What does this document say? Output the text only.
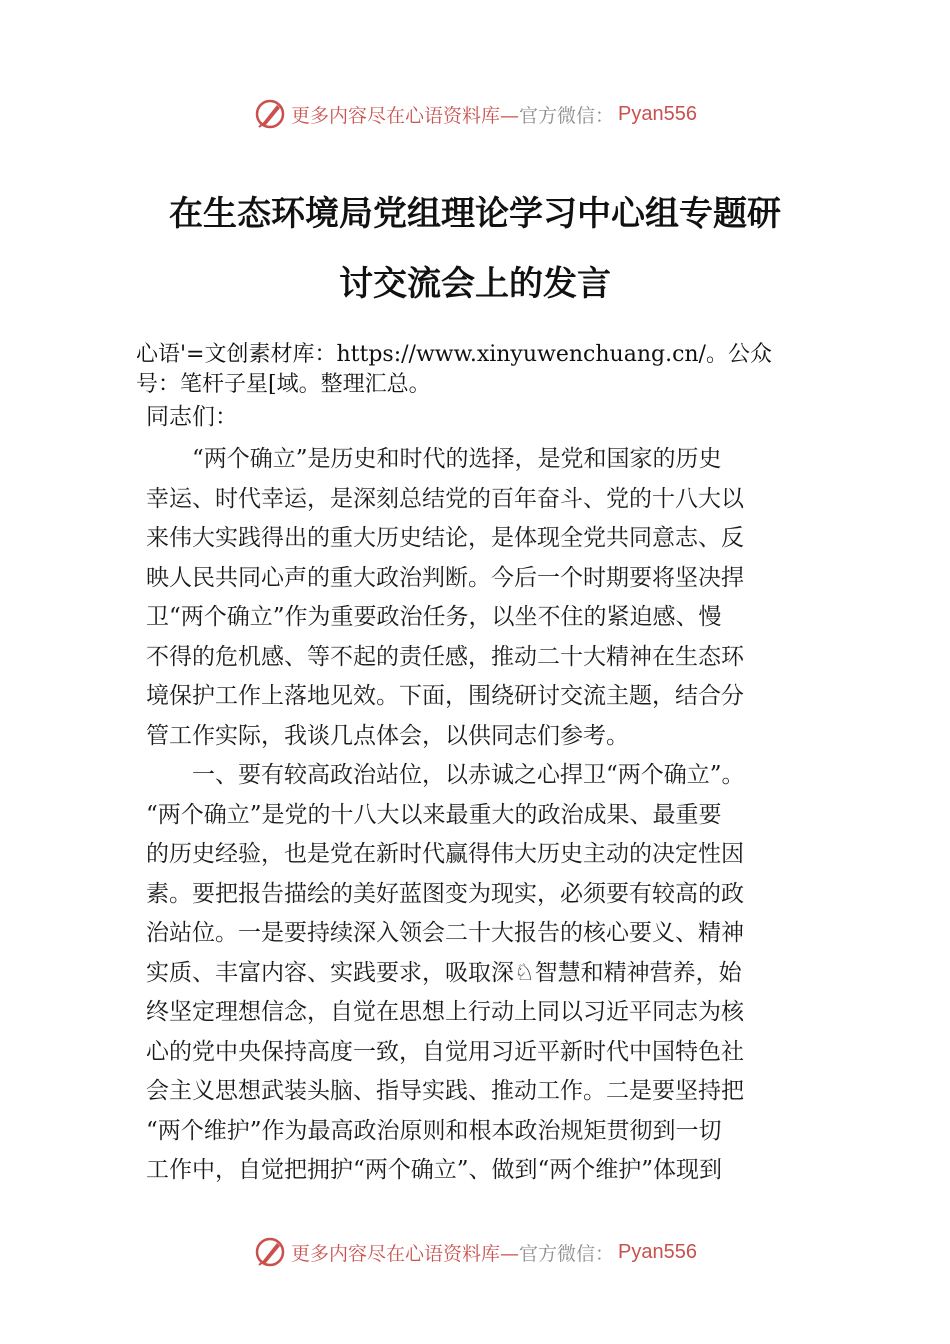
更多内容尽在心语资料库— 官方微信： Pyan556
在生态环境局党组理论学习中心组专题研
讨交流会上的发言
心语'=文创素材库：https://www.xinyuwenchuang.cn/。公众
号：笔杆子星[域。整理汇总。
同志们：
　　“两个确立”是历史和时代的选择，是党和国家的历史
幸运、时代幸运，是深刻总结党的百年奋斗、党的十八大以
来伟大实践得出的重大历史结论，是体现全党共同意志、反
映人民共同心声的重大政治判断。今后一个时期要将坚决捍
卫“两个确立”作为重要政治任务，以坐不住的紧迫感、慢
不得的危机感、等不起的责任感，推动二十大精神在生态环
境保护工作上落地见效。下面，围绕研讨交流主题，结合分
管工作实际，我谈几点体会，以供同志们参考。
　　一、要有较高政治站位，以赤诚之心捍卫“两个确立”。
“两个确立”是党的十八大以来最重大的政治成果、最重要
的历史经验，也是党在新时代赢得伟大历史主动的决定性因
素。要把报告描绘的美好蓝图变为现实，必须要有较高的政
治站位。一是要持续深入领会二十大报告的核心要义、精神
实质、丰富内容、实践要求，吸取深♘智慧和精神营养，始
终坚定理想信念，自觉在思想上行动上同以习近平同志为核
心的党中央保持高度一致，自觉用习近平新时代中国特色社
会主义思想武装头脑、指导实践、推动工作。二是要坚持把
“两个维护”作为最高政治原则和根本政治规矩贯彻到一切
工作中，自觉把拥护“两个确立”、做到“两个维护”体现到
更多内容尽在心语资料库— 官方微信： Pyan556
